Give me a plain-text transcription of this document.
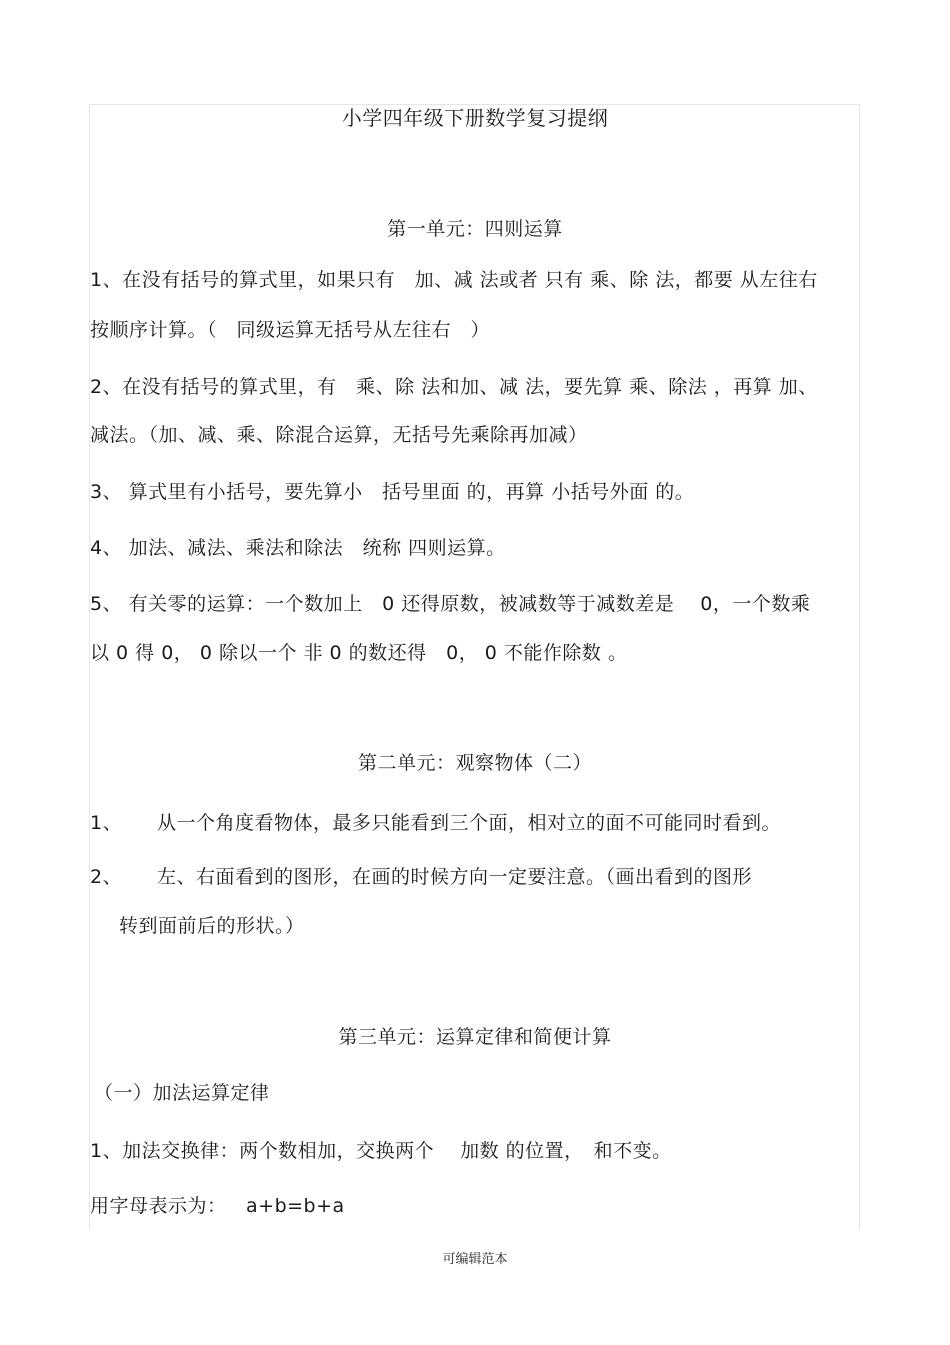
小学四年级下册数学复习提纲
第一单元：四则运算
1、在没有括号的算式里，如果只有　加、减 法或者 只有 乘、除 法，都要 从左往右
按顺序计算。（　同级运算无括号从左往右　）
2、在没有括号的算式里，有　乘、除 法和加、减 法，要先算 乘、除法 ，再算 加、
减法。（加、减、乘、除混合运算，无括号先乘除再加减）
3、 算式里有小括号，要先算小　括号里面 的，再算 小括号外面 的。
4、 加法、减法、乘法和除法　统称 四则运算。
5、 有关零的运算：一个数加上　0 还得原数，被减数等于减数差是　 0，一个数乘
以 0 得 0， 0 除以一个 非 0 的数还得　0， 0 不能作除数 。
第二单元：观察物体（二）
1、 从一个角度看物体，最多只能看到三个面，相对立的面不可能同时看到。
2、 左、右面看到的图形，在画的时候方向一定要注意。（画出看到的图形
转到面前后的形状。）
第三单元：运算定律和简便计算
（一）加法运算定律
1、加法交换律：两个数相加，交换两个　 加数 的位置，　和不变。
用字母表示为： a+b=b+a
可编辑范本
